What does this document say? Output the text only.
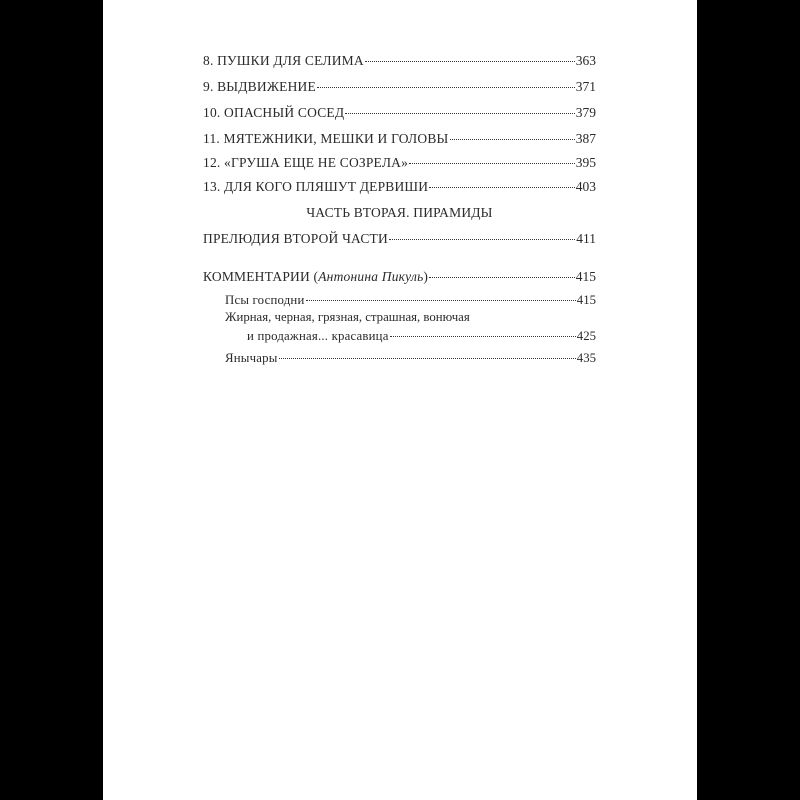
8. ПУШКИ ДЛЯ СЕЛИМА	363
9. ВЫДВИЖЕНИЕ	371
10. ОПАСНЫЙ СОСЕД	379
11. МЯТЕЖНИКИ, МЕШКИ И ГОЛОВЫ	387
12. «ГРУША ЕЩЕ НЕ СОЗРЕЛА»	395
13. ДЛЯ КОГО ПЛЯШУТ ДЕРВИШИ	403
ЧАСТЬ ВТОРАЯ. ПИРАМИДЫ
ПРЕЛЮДИЯ ВТОРОЙ ЧАСТИ	411
КОММЕНТАРИИ (Антонина Пикуль)	415
Псы господни	415
Жирная, черная, грязная, страшная, вонючая
и продажная... красавица	425
Янычары	435
